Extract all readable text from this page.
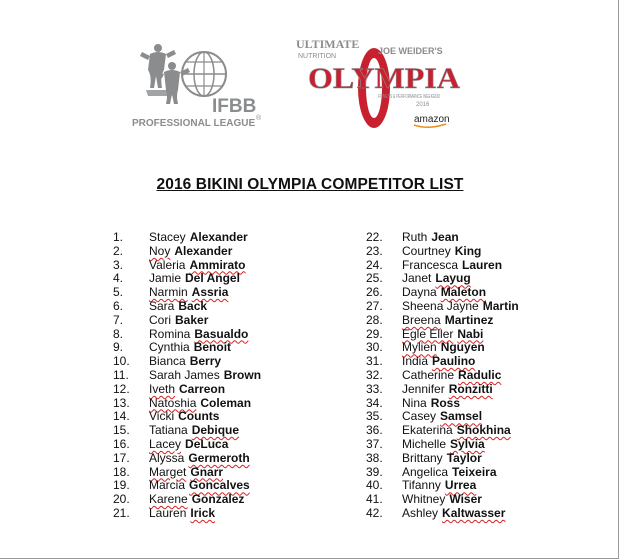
IFBB
PROFESSIONAL LEAGUE ®
ULTIMATE
NUTRITION
JOE WEIDER'S
OLYMPIA
FITNESS & PERFORMANCE WEEKEND
2016
amazon
2016 BIKINI OLYMPIA COMPETITOR LIST
1.	Stacey Alexander
2.	Noy Alexander
3.	Valeria Ammirato
4.	Jamie Del Angel
5.	Narmin Assria
6.	Sara Back
7.	Cori Baker
8.	Romina Basualdo
9.	Cynthia Benoit
10.	Bianca Berry
11.	Sarah James Brown
12.	Iveth Carreon
13.	Natoshia Coleman
14.	Vicki Counts
15.	Tatiana Debique
16.	Lacey DeLuca
17.	Alyssa Germeroth
18.	Marget Gnarr
19.	Marcia Goncalves
20.	Karene Gonzalez
21.	Lauren Irick
22.	Ruth Jean
23.	Courtney King
24.	Francesca Lauren
25.	Janet Layug
26.	Dayna Maleton
27.	Sheena Jayne Martin
28.	Breena Martinez
29.	Egle Eller Nabi
30.	Mylien Nguyen
31.	India Paulino
32.	Catherine Radulic
33.	Jennifer Ronzitti
34.	Nina Ross
35.	Casey Samsel
36.	Ekaterina Shokhina
37.	Michelle Sylvia
38.	Brittany Taylor
39.	Angelica Teixeira
40.	Tifanny Urrea
41.	Whitney Wiser
42.	Ashley Kaltwasser
